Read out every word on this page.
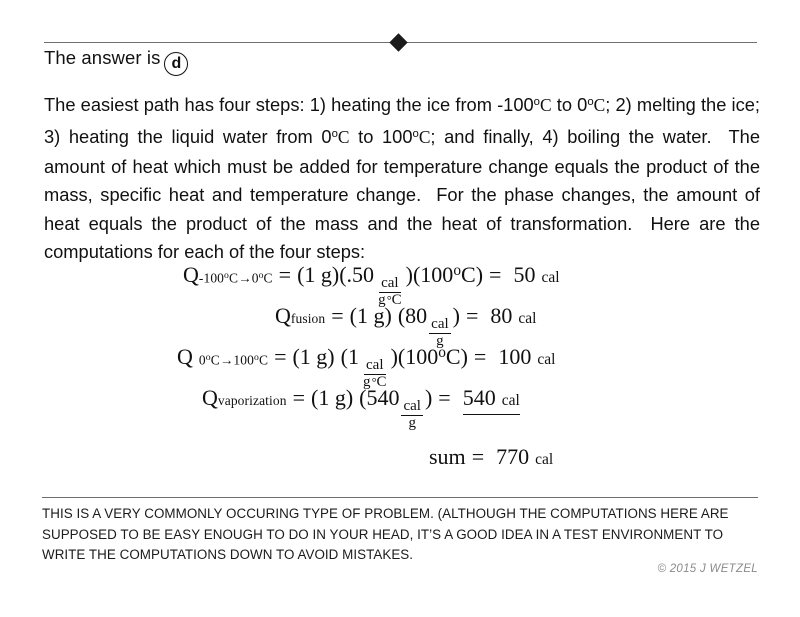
The answer is d
The easiest path has four steps: 1) heating the ice from -100$^o$C to 0$^o$C; 2) melting the ice; 3) heating the liquid water from 0$^o$C to 100$^o$C; and finally, 4) boiling the water.  The amount of heat which must be added for temperature change equals the product of the mass, specific heat and temperature change.  For the phase changes, the amount of heat equals the product of the mass and the heat of transformation.  Here are the computations for each of the four steps:
Q $-100^oC\to 0^oC = (1$ g) (.50
$\frac{\text{cal}}{g ^\circ C}$
) $(100^oC) = 50$ cal
Q fusion = (1 g) (80
$\frac{\text{cal}}{g}$
) = 80 cal
Q $0^oC\to 100^oC = (1$ g) (1
$\frac{\text{cal}}{g ^\circ C}$
) $(100^oC) = 100$ cal
Q vaporization = (1 g) (540
$\frac{\text{cal}}{g}$
) = 540 cal
sum = 770 cal
THIS IS A VERY COMMONLY OCCURING TYPE OF PROBLEM. (ALTHOUGH THE COMPUTATIONS HERE ARE SUPPOSED TO BE EASY ENOUGH TO DO IN YOUR HEAD, IT’S A GOOD IDEA IN A TEST ENVIRONMENT TO WRITE THE COMPUTATIONS DOWN TO AVOID MISTAKES.
© 2015 J WETZEL
